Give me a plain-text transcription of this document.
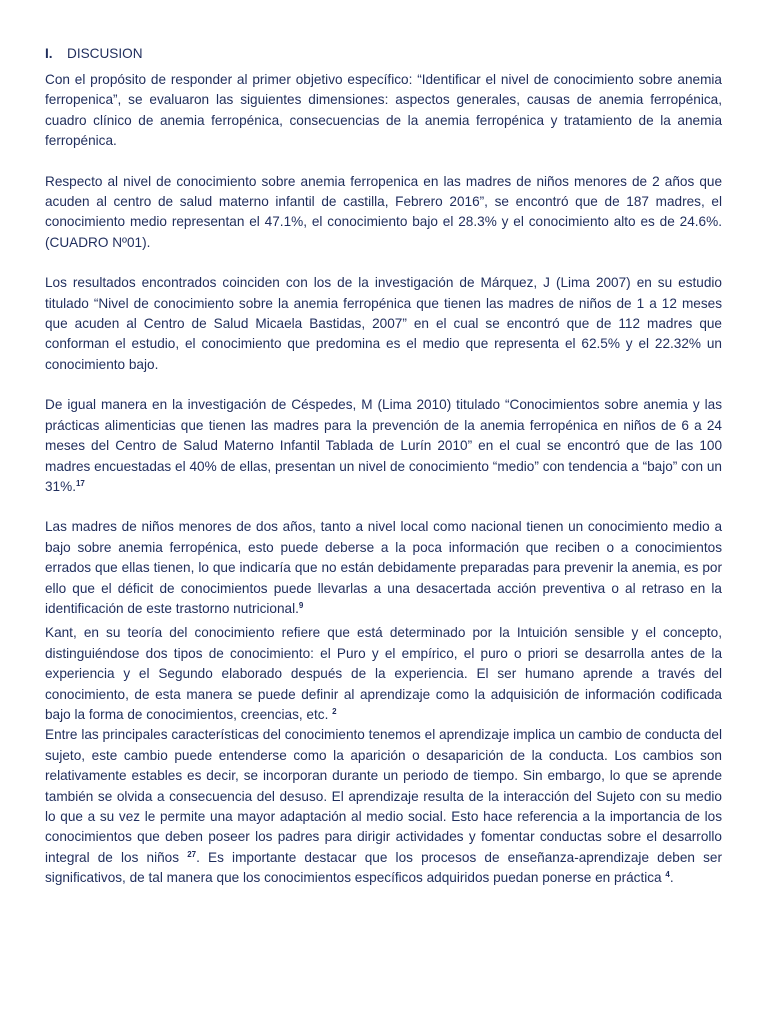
I. DISCUSION

Con el propósito de responder al primer objetivo específico: “Identificar el nivel de conocimiento sobre anemia ferropenica”, se evaluaron las siguientes dimensiones: aspectos generales, causas de anemia ferropénica, cuadro clínico de anemia ferropénica, consecuencias de la anemia ferropénica y tratamiento de la anemia ferropénica.

Respecto al nivel de conocimiento sobre anemia ferropenica en las madres de niños menores de 2 años que acuden al centro de salud materno infantil de castilla, Febrero 2016”, se encontró que de 187 madres, el conocimiento medio representan el 47.1%, el conocimiento bajo el 28.3% y el conocimiento alto es de 24.6%. (CUADRO Nº01).

Los resultados encontrados coinciden con los de la investigación de Márquez, J (Lima 2007) en su estudio titulado “Nivel de conocimiento sobre la anemia ferropénica que tienen las madres de niños de 1 a 12 meses que acuden al Centro de Salud Micaela Bastidas, 2007” en el cual se encontró que de 112 madres que conforman el estudio, el conocimiento que predomina es el medio que representa el 62.5% y el 22.32% un conocimiento bajo.

De igual manera en la investigación de Céspedes, M (Lima 2010) titulado “Conocimientos sobre anemia y las prácticas alimenticias que tienen las madres para la prevención de la anemia ferropénica en niños de 6 a 24 meses del Centro de Salud Materno Infantil Tablada de Lurín 2010” en el cual se encontró que de las 100 madres encuestadas el 40% de ellas, presentan un nivel de conocimiento “medio” con tendencia a “bajo” con un 31%.$^{17}$

Las madres de niños menores de dos años, tanto a nivel local como nacional tienen un conocimiento medio a bajo sobre anemia ferropénica, esto puede deberse a la poca información que reciben o a conocimientos errados que ellas tienen, lo que indicaría que no están debidamente preparadas para prevenir la anemia, es por ello que el déficit de conocimientos puede llevarlas a una desacertada acción preventiva o al retraso en la identificación de este trastorno nutricional.$^9$

Kant, en su teoría del conocimiento refiere que está determinado por la Intuición sensible y el concepto, distinguiéndose dos tipos de conocimiento: el Puro y el empírico, el puro o priori se desarrolla antes de la experiencia y el Segundo elaborado después de la experiencia. El ser humano aprende a través del conocimiento, de esta manera se puede definir al aprendizaje como la adquisición de información codificada bajo la forma de conocimientos, creencias, etc. $^2$

Entre las principales características del conocimiento tenemos el aprendizaje implica un cambio de conducta del sujeto, este cambio puede entenderse como la aparición o desaparición de la conducta. Los cambios son relativamente estables es decir, se incorporan durante un periodo de tiempo. Sin embargo, lo que se aprende también se olvida a consecuencia del desuso. El aprendizaje resulta de la interacción del Sujeto con su medio lo que a su vez le permite una mayor adaptación al medio social. Esto hace referencia a la importancia de los conocimientos que deben poseer los padres para dirigir actividades y fomentar conductas sobre el desarrollo integral de los niños $^{27}$. Es importante destacar que los procesos de enseñanza-aprendizaje deben ser significativos, de tal manera que los conocimientos específicos adquiridos puedan ponerse en práctica $^4$.
